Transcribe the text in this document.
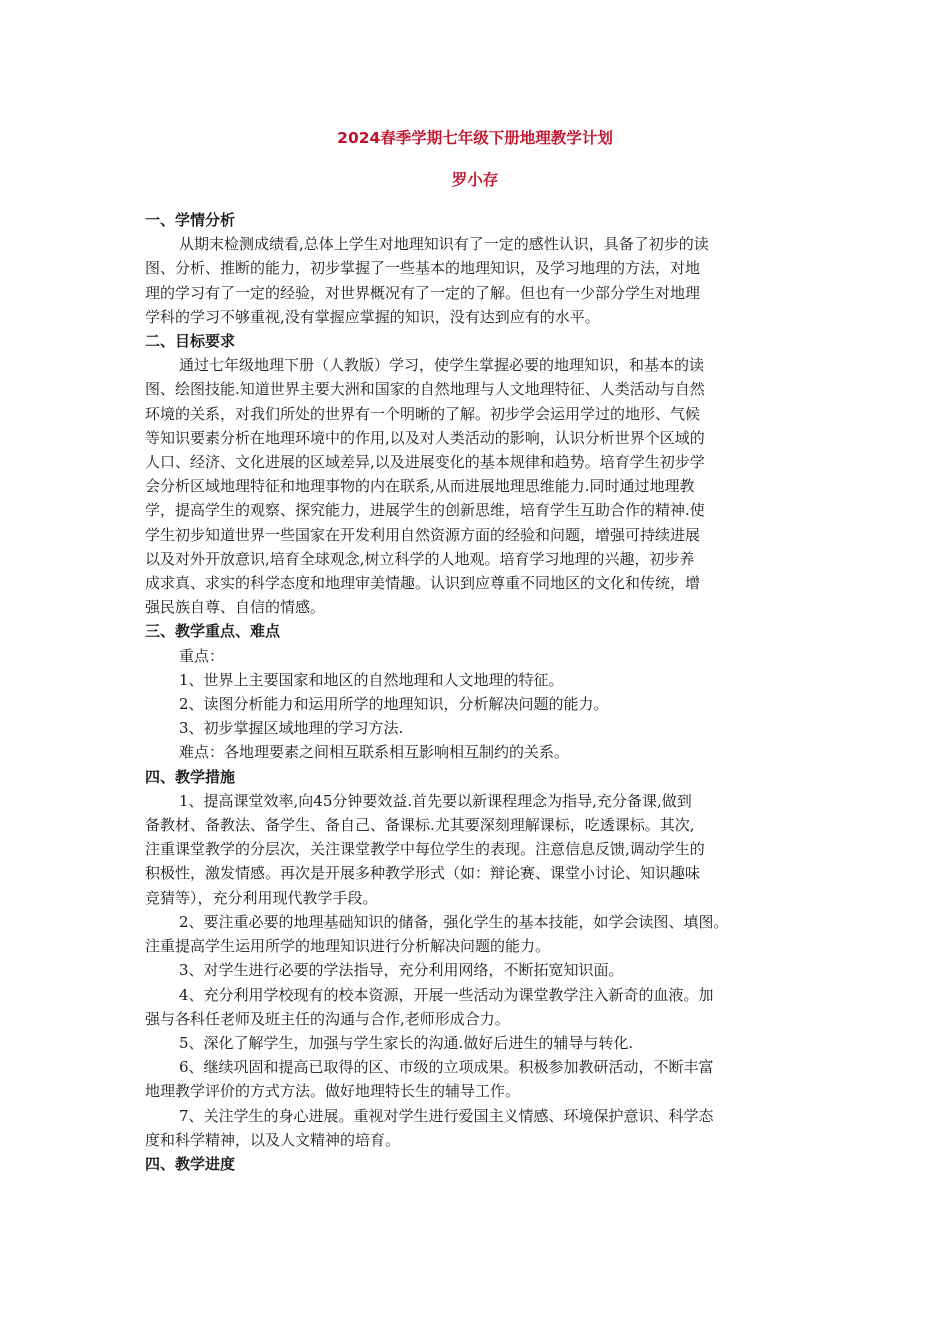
2024春季学期七年级下册地理教学计划
罗小存

一、学情分析

从期末检测成绩看,总体上学生对地理知识有了一定的感性认识，具备了初步的读

图、分析、推断的能力，初步掌握了一些基本的地理知识，及学习地理的方法，对地

理的学习有了一定的经验，对世界概况有了一定的了解。但也有一少部分学生对地理

学科的学习不够重视,没有掌握应掌握的知识，没有达到应有的水平。

二、目标要求

通过七年级地理下册（人教版）学习，使学生掌握必要的地理知识，和基本的读

图、绘图技能.知道世界主要大洲和国家的自然地理与人文地理特征、人类活动与自然

环境的关系，对我们所处的世界有一个明晰的了解。初步学会运用学过的地形、气候

等知识要素分析在地理环境中的作用,以及对人类活动的影响，认识分析世界个区域的

人口、经济、文化进展的区域差异,以及进展变化的基本规律和趋势。培育学生初步学

会分析区域地理特征和地理事物的内在联系,从而进展地理思维能力.同时通过地理教

学，提高学生的观察、探究能力，进展学生的创新思维，培育学生互助合作的精神.使

学生初步知道世界一些国家在开发利用自然资源方面的经验和问题，增强可持续进展

以及对外开放意识,培育全球观念,树立科学的人地观。培育学习地理的兴趣，初步养

成求真、求实的科学态度和地理审美情趣。认识到应尊重不同地区的文化和传统，增

强民族自尊、自信的情感。

三、教学重点、难点

重点：

1、世界上主要国家和地区的自然地理和人文地理的特征。

2、读图分析能力和运用所学的地理知识，分析解决问题的能力。

3、初步掌握区域地理的学习方法.

难点：各地理要素之间相互联系相互影响相互制约的关系。

四、教学措施

1、提高课堂效率,向45分钟要效益.首先要以新课程理念为指导,充分备课,做到

备教材、备教法、备学生、备自己、备课标.尤其要深刻理解课标，吃透课标。其次,

注重课堂教学的分层次，关注课堂教学中每位学生的表现。注意信息反馈,调动学生的

积极性，激发情感。再次是开展多种教学形式（如：辩论赛、课堂小讨论、知识趣味

竞猜等），充分利用现代教学手段。

2、要注重必要的地理基础知识的储备，强化学生的基本技能，如学会读图、填图。

注重提高学生运用所学的地理知识进行分析解决问题的能力。

3、对学生进行必要的学法指导，充分利用网络，不断拓宽知识面。

4、充分利用学校现有的校本资源，开展一些活动为课堂教学注入新奇的血液。加

强与各科任老师及班主任的沟通与合作,老师形成合力。

5、深化了解学生，加强与学生家长的沟通.做好后进生的辅导与转化.

6、继续巩固和提高已取得的区、市级的立项成果。积极参加教研活动，不断丰富

地理教学评价的方式方法。做好地理特长生的辅导工作。

7、关注学生的身心进展。重视对学生进行爱国主义情感、环境保护意识、科学态

度和科学精神，以及人文精神的培育。

四、教学进度
